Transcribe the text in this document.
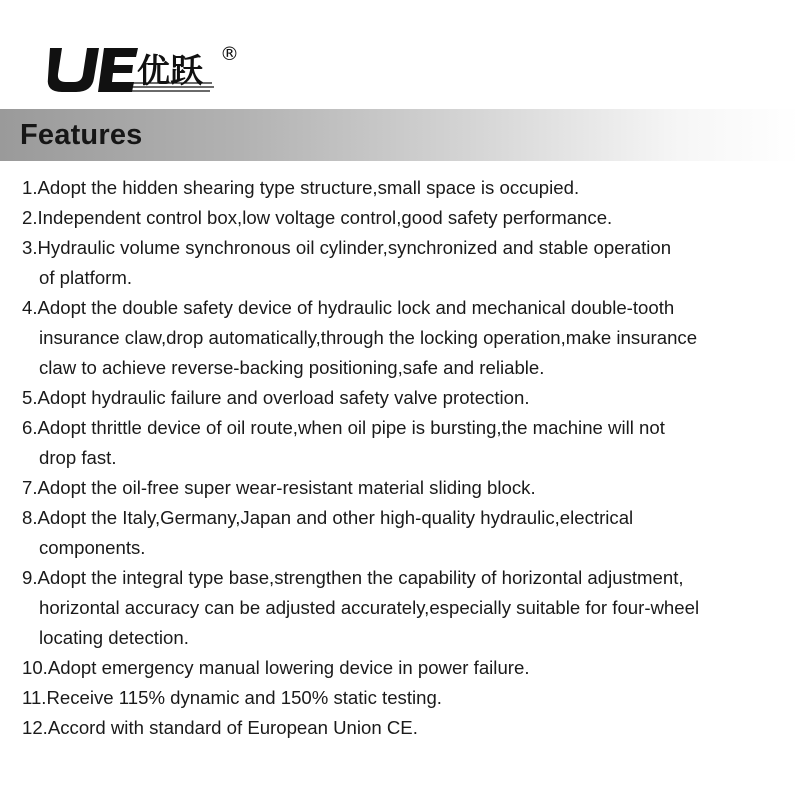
优跃 ®
Features
1.Adopt the hidden shearing type structure,small space is occupied.
2.Independent control box,low voltage control,good safety performance.
3.Hydraulic volume synchronous oil cylinder,synchronized and stable operation
of platform.
4.Adopt the double safety device of hydraulic lock and mechanical double-tooth
insurance claw,drop automatically,through the locking operation,make insurance
claw to achieve reverse-backing positioning,safe and reliable.
5.Adopt hydraulic failure and overload safety valve protection.
6.Adopt thrittle device of oil route,when oil pipe is bursting,the machine will not
drop fast.
7.Adopt the oil-free super wear-resistant material sliding block.
8.Adopt the Italy,Germany,Japan and other high-quality hydraulic,electrical
components.
9.Adopt the integral type base,strengthen the capability of horizontal adjustment,
horizontal accuracy can be adjusted accurately,especially suitable for four-wheel
locating detection.
10.Adopt emergency manual lowering device in power failure.
11.Receive 115% dynamic and 150% static testing.
12.Accord with standard of European Union CE.
